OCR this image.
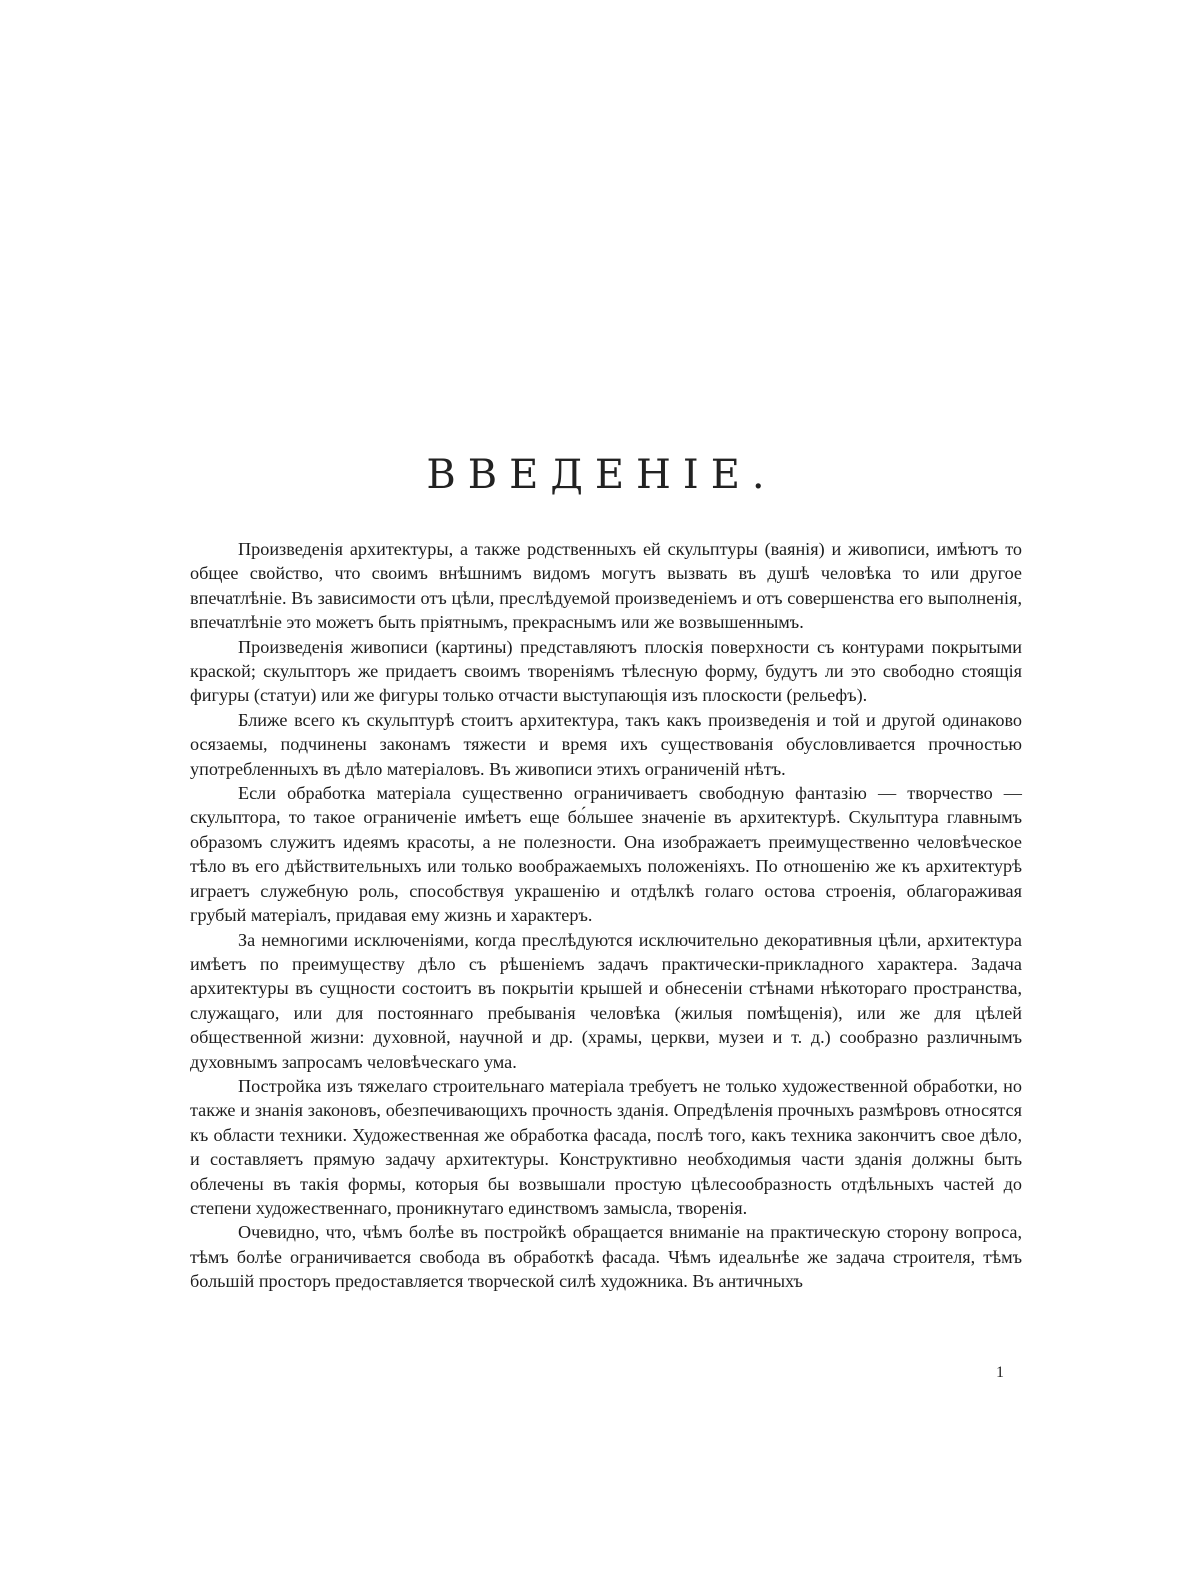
ВВЕДЕНІЕ.

Произведенія архитектуры, а также родственныхъ ей скульптуры (ваянія) и живописи, имѣютъ то общее свойство, что своимъ внѣшнимъ видомъ могутъ вызвать въ душѣ человѣка то или другое впечатлѣніе. Въ зависимости отъ цѣли, преслѣдуемой произведеніемъ и отъ совершенства его выполненія, впечатлѣніе это можетъ быть пріятнымъ, прекраснымъ или же возвышеннымъ.

Произведенія живописи (картины) представляютъ плоскія поверхности съ контурами покрытыми краской; скульпторъ же придаетъ своимъ твореніямъ тѣлесную форму, будутъ ли это свободно стоящія фигуры (статуи) или же фигуры только отчасти выступающія изъ плоскости (рельефъ).

Ближе всего къ скульптурѣ стоитъ архитектура, такъ какъ произведенія и той и другой одинаково осязаемы, подчинены законамъ тяжести и время ихъ существованія обусловливается прочностью употребленныхъ въ дѣло матеріаловъ. Въ живописи этихъ ограниченій нѣтъ.

Если обработка матеріала существенно ограничиваетъ свободную фантазію — творчество — скульптора, то такое ограниченіе имѣетъ еще бо́льшее значеніе въ архитектурѣ. Скульптура главнымъ образомъ служитъ идеямъ красоты, а не полезности. Она изображаетъ преимущественно человѣческое тѣло въ его дѣйствительныхъ или только воображаемыхъ положеніяхъ. По отношенію же къ архитектурѣ играетъ служебную роль, способствуя украшенію и отдѣлкѣ голаго остова строенія, облагораживая грубый матеріалъ, придавая ему жизнь и характеръ.

За немногими исключеніями, когда преслѣдуются исключительно декоративныя цѣли, архитектура имѣетъ по преимуществу дѣло съ рѣшеніемъ задачъ практически-прикладного характера. Задача архитектуры въ сущности состоитъ въ покрытіи крышей и обнесеніи стѣнами нѣкотораго пространства, служащаго, или для постояннаго пребыванія человѣка (жилыя помѣщенія), или же для цѣлей общественной жизни: духовной, научной и др. (храмы, церкви, музеи и т. д.) сообразно различнымъ духовнымъ запросамъ человѣческаго ума.

Постройка изъ тяжелаго строительнаго матеріала требуетъ не только художественной обработки, но также и знанія законовъ, обезпечивающихъ прочность зданія. Опредѣленія прочныхъ размѣровъ относятся къ области техники. Художественная же обработка фасада, послѣ того, какъ техника закончитъ свое дѣло, и составляетъ прямую задачу архитектуры. Конструктивно необходимыя части зданія должны быть облечены въ такія формы, которыя бы возвышали простую цѣлесообразность отдѣльныхъ частей до степени художественнаго, проникнутаго единствомъ замысла, творенія.

Очевидно, что, чѣмъ болѣе въ постройкѣ обращается вниманіе на практическую сторону вопроса, тѣмъ болѣе ограничивается свобода въ обработкѣ фасада. Чѣмъ идеальнѣе же задача строителя, тѣмъ большій просторъ предоставляется творческой силѣ художника. Въ античныхъ

1
